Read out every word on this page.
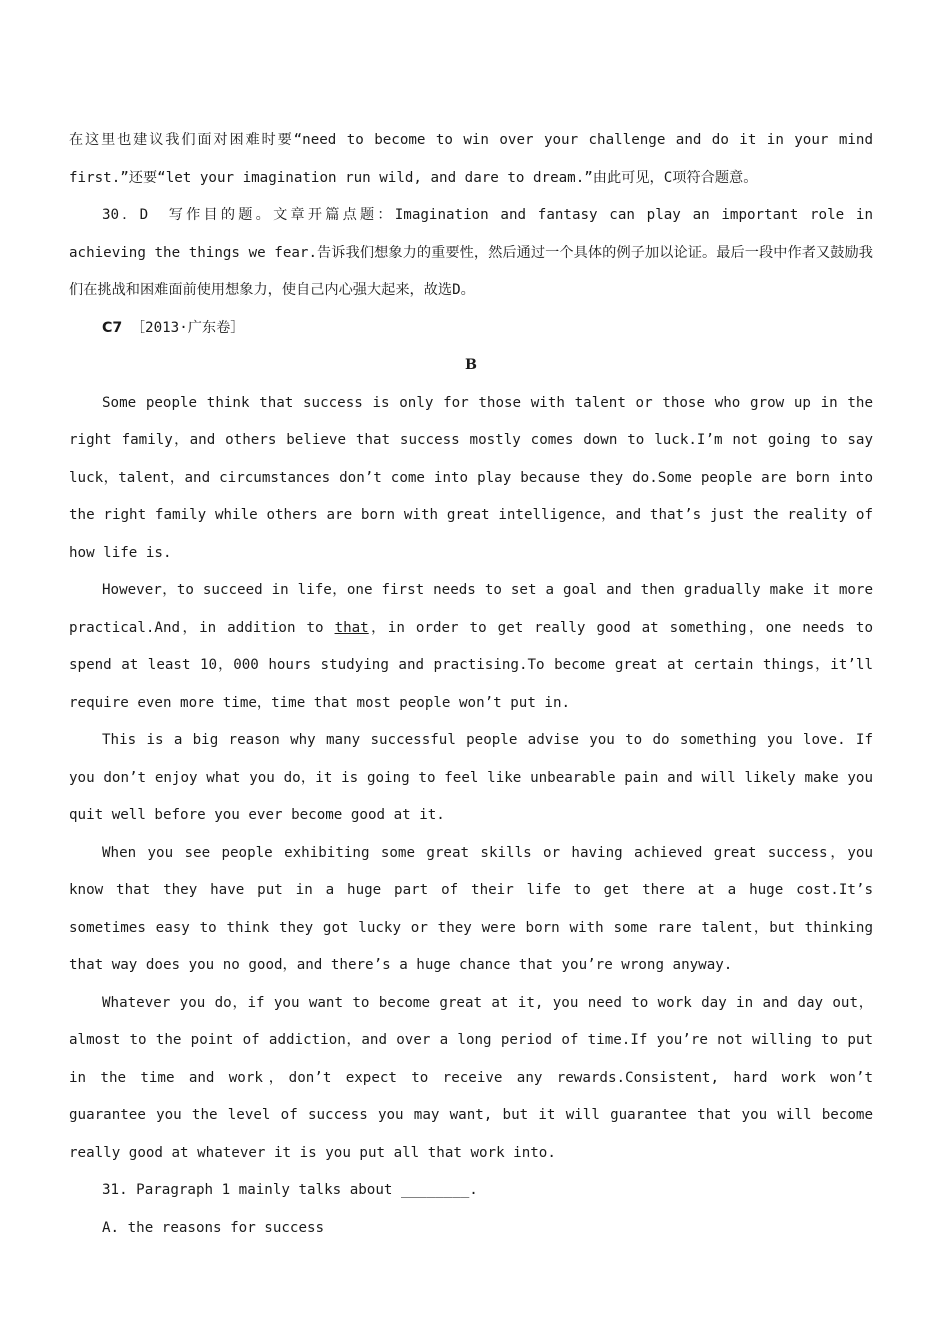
在这里也建议我们面对困难时要“need to become to win over your challenge and do it in your mind first.”还要“let your imagination run wild, and dare to dream.”由此可见，C项符合题意。

30．D　写作目的题。文章开篇点题：Imagination and fantasy can play an important role in achieving the things we fear.告诉我们想象力的重要性，然后通过一个具体的例子加以论证。最后一段中作者又鼓励我们在挑战和困难面前使用想象力，使自己内心强大起来，故选D。

C7 ［2013·广东卷］

B

Some people think that success is only for those with talent or those who grow up in the right family，and others believe that success mostly comes down to luck.I’m not going to say luck，talent，and circumstances don’t come into play because they do.Some people are born into the right family while others are born with great intelligence，and that’s just the reality of how life is.

However，to succeed in life，one first needs to set a goal and then gradually make it more practical.And，in addition to that，in order to get really good at something，one needs to spend at least 10，000 hours studying and practising.To become great at certain things，it’ll require even more time，time that most people won’t put in.

This is a big reason why many successful people advise you to do something you love. If you don’t enjoy what you do，it is going to feel like unbearable pain and will likely make you quit well before you ever become good at it.

When you see people exhibiting some great skills or having achieved great success，you know that they have put in a huge part of their life to get there at a huge cost.It’s sometimes easy to think they got lucky or they were born with some rare talent，but thinking that way does you no good，and there’s a huge chance that you’re wrong anyway.

Whatever you do，if you want to become great at it, you need to work day in and day out，almost to the point of addiction，and over a long period of time.If you’re not willing to put in the time and work，don’t expect to receive any rewards.Consistent, hard work won’t guarantee you the level of success you may want, but it will guarantee that you will become really good at whatever it is you put all that work into.

31. Paragraph 1 mainly talks about ________.

A. the reasons for success
